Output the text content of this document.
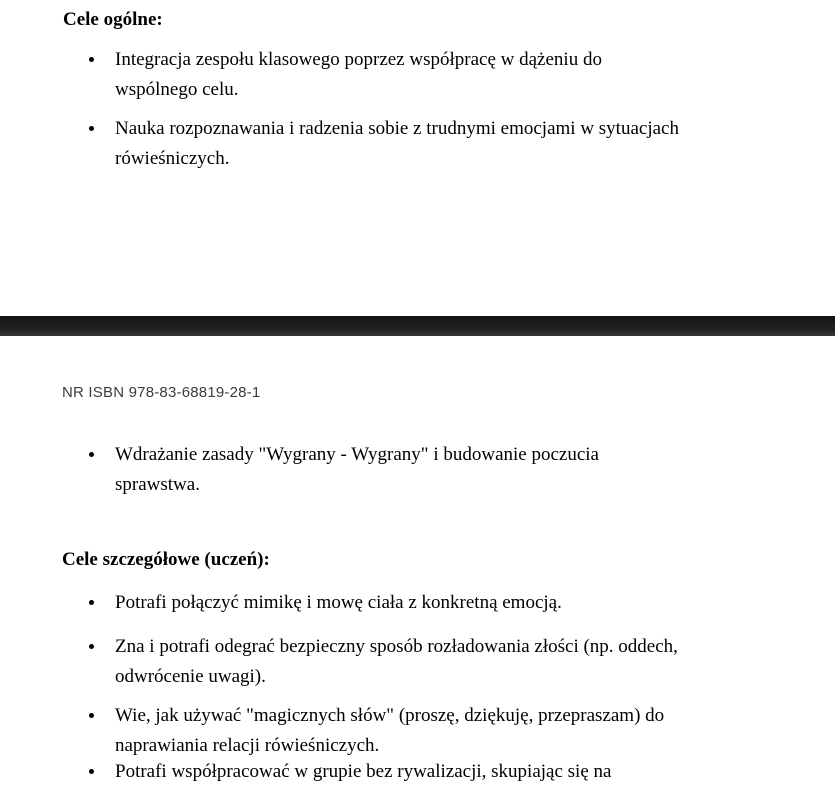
Cele ogólne:
Integracja zespołu klasowego poprzez współpracę w dążeniu do
wspólnego celu.
Nauka rozpoznawania i radzenia sobie z trudnymi emocjami w sytuacjach
rówieśniczych.
NR ISBN 978-83-68819-28-1
Wdrażanie zasady "Wygrany - Wygrany" i budowanie poczucia
sprawstwa.
Cele szczegółowe (uczeń):
Potrafi połączyć mimikę i mowę ciała z konkretną emocją.
Zna i potrafi odegrać bezpieczny sposób rozładowania złości (np. oddech,
odwrócenie uwagi).
Wie, jak używać "magicznych słów" (proszę, dziękuję, przepraszam) do
naprawiania relacji rówieśniczych.
Potrafi współpracować w grupie bez rywalizacji, skupiając się na
